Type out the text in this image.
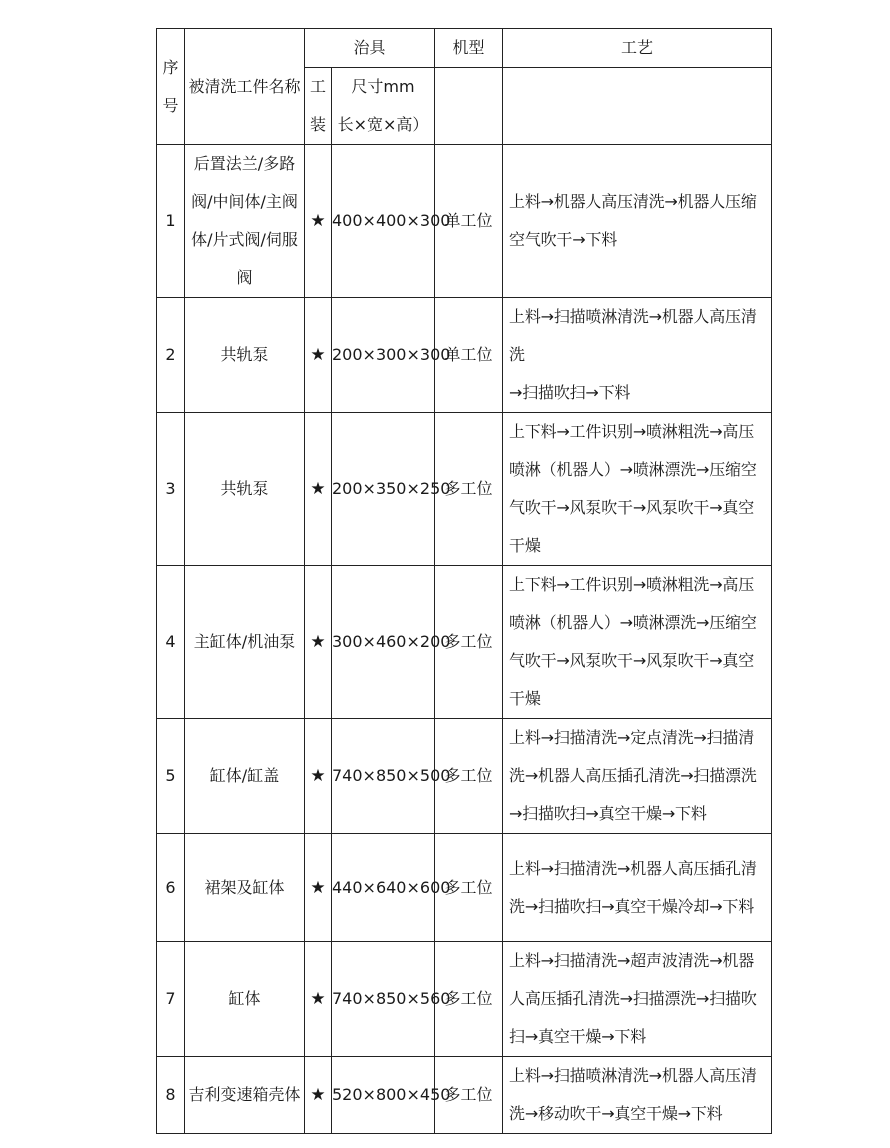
序号	被清洗工件名称	治具		机型	工艺
		工装	尺寸mm
长×宽×高）		

1	后置法兰/多路阀/中间体/主阀体/片式阀/伺服阀	★	400×400×300	单工位	上料→机器人高压清洗→机器人压缩空气吹干→下料
2	共轨泵	★	200×300×300	单工位	上料→扫描喷淋清洗→机器人高压清洗
→扫描吹扫→下料

3	共轨泵	★	200×350×250	多工位	上下料→工件识别→喷淋粗洗→高压喷淋（机器人）→喷淋漂洗→压缩空气吹干→风泵吹干→风泵吹干→真空干燥
4	主缸体/机油泵	★	300×460×200	多工位	上下料→工件识别→喷淋粗洗→高压喷淋（机器人）→喷淋漂洗→压缩空气吹干→风泵吹干→风泵吹干→真空干燥
5	缸体/缸盖	★	740×850×500	多工位	上料→扫描清洗→定点清洗→扫描清洗→机器人高压插孔清洗→扫描漂洗→扫描吹扫→真空干燥→下料
6	裙架及缸体	★	440×640×600	多工位	上料→扫描清洗→机器人高压插孔清洗→扫描吹扫→真空干燥冷却→下料
7	缸体	★	740×850×560	多工位	上料→扫描清洗→超声波清洗→机器人高压插孔清洗→扫描漂洗→扫描吹扫→真空干燥→下料
8	吉利变速箱壳体	★	520×800×450	多工位	上料→扫描喷淋清洗→机器人高压清洗→移动吹干→真空干燥→下料
